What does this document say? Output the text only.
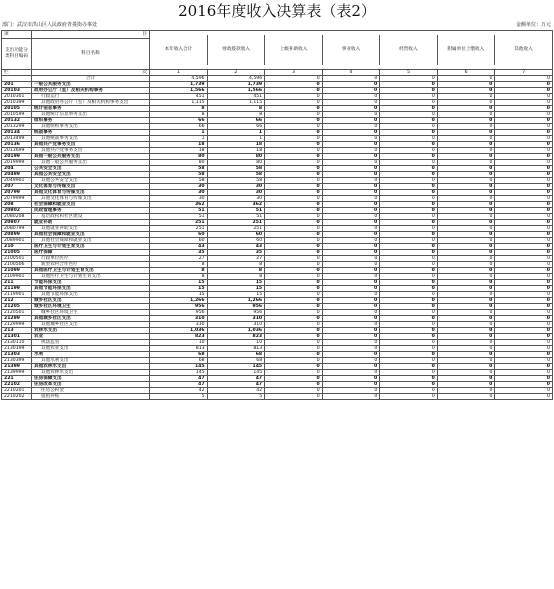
2016年度收入决算表（表2）
部门：武汉市洪山区人民政府青菱街办事处	金额单位：万元
项	目	
本年收入合计	财政拨款收入	上级补助收入	事业收入	经营收入	附属单位上缴收入	其他收入

支出功能分类科目编码	科目名称
栏	次	1	2	3	4	5	6	7
	合计	4,596	4,596	0	0	0	0	0
201	一般公共服务支出	1,739	1,739	0	0	0	0	0
20103	政府办公厅（室）及相关机构事务	1,566	1,566	0	0	0	0	0
2010301	行政运行	451	451	0	0	0	0	0
2010399	其他政府办公厅（室）及相关机构事务支出	1,115	1,115	0	0	0	0	0
20105	统计信息事务	8	8	0	0	0	0	0
2010599	其他统计信息事务支出	8	8	0	0	0	0	0
20132	组织事务	66	66	0	0	0	0	0
2013299	其他组织事务支出	66	66	0	0	0	0	0
20134	统战事务	1	1	0	0	0	0	0
2013499	其他统战事务支出	1	1	0	0	0	0	0
20136	其他共产党事务支出	18	18	0	0	0	0	0
2013699	其他共产党事务支出	18	18	0	0	0	0	0
20199	其他一般公共服务支出	80	80	0	0	0	0	0
2019999	其他一般公共服务支出	80	80	0	0	0	0	0
204	公共安全支出	58	58	0	0	0	0	0
20499	其他公共安全支出	58	58	0	0	0	0	0
2049901	其他公共安全支出	58	58	0	0	0	0	0
207	文化体育与传媒支出	30	30	0	0	0	0	0
20799	其他文化体育与传媒支出	30	30	0	0	0	0	0
2079999	其他文化体育与传媒支出	30	30	0	0	0	0	0
208	社会保障和就业支出	362	362	0	0	0	0	0
20802	民政管理事务	51	51	0	0	0	0	0
2080208	基层政权和社区建设	51	51	0	0	0	0	0
20807	就业补助	251	251	0	0	0	0	0
2080799	其他就业补助支出	251	251	0	0	0	0	0
20899	其他社会保障和就业支出	60	60	0	0	0	0	0
2089901	其他社会保障和就业支出	60	60	0	0	0	0	0
210	医疗卫生与计划生育支出	43	43	0	0	0	0	0
21005	医疗保障	35	35	0	0	0	0	0
2100501	行政单位医疗	27	27	0	0	0	0	0
2100506	新型农村合作医疗	8	8	0	0	0	0	0
21099	其他医疗卫生与计划生育支出	8	8	0	0	0	0	0
2109901	其他医疗卫生与计划生育支出	8	8	0	0	0	0	0
211	节能环保支出	15	15	0	0	0	0	0
21199	其他节能环保支出	15	15	0	0	0	0	0
2119901	其他节能环保支出	15	15	0	0	0	0	0
212	城乡社区支出	1,266	1,266	0	0	0	0	0
21205	城乡社区环境卫生	956	956	0	0	0	0	0
2120501	城乡社区环境卫生	956	956	0	0	0	0	0
21299	其他城乡社区支出	310	310	0	0	0	0	0
2129999	其他城乡社区支出	310	310	0	0	0	0	0
213	农林水支出	1,036	1,036	0	0	0	0	0
21301	农业	823	823	0	0	0	0	0
2130110	执法监管	10	10	0	0	0	0	0
2130199	其他农业支出	813	813	0	0	0	0	0
21303	水利	68	68	0	0	0	0	0
2130399	其他水利支出	68	68	0	0	0	0	0
21399	其他农林水支出	145	145	0	0	0	0	0
2139999	其他农林水支出	145	145	0	0	0	0	0
221	住房保障支出	47	47	0	0	0	0	0
22102	住房改革支出	47	47	0	0	0	0	0
2210201	住房公积金	42	42	0	0	0	0	0
2210202	提租补贴	5	5	0	0	0	0	0
